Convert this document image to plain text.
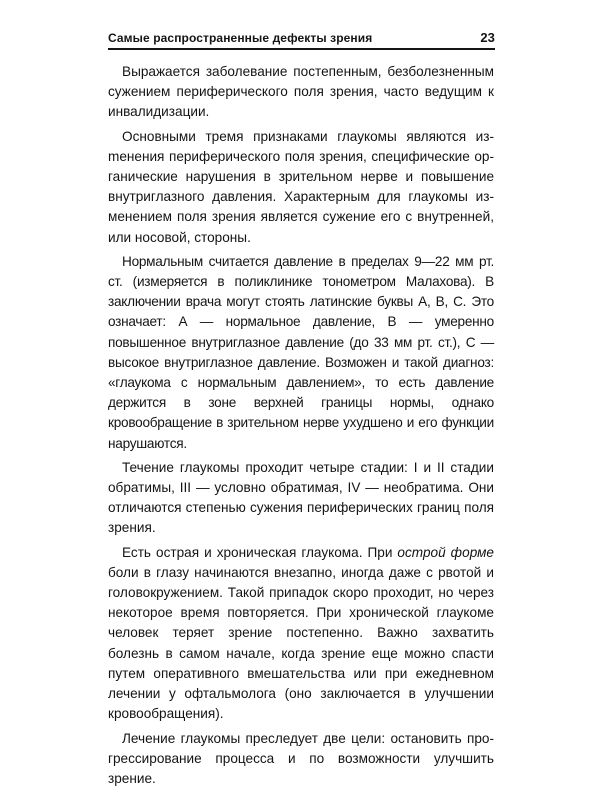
Самые распространенные дефекты зрения	23

Выражается заболевание постепенным, безболезненным сужением периферического поля зрения, часто ведущим к инвалидизации.

Основными тремя признаками глаукомы являются изmенения периферического поля зрения, специфические органические нарушения в зрительном нерве и повышение внутриглазного давления. Характерным для глаукомы изменением поля зрения является сужение его с внутренней, или носовой, стороны.

Нормальным считается давление в пределах 9—22 мм рт. ст. (измеряется в поликлинике тонометром Малахова). В заключении врача могут стоять латинские буквы А, В, С. Это означает: А — нормальное давление, В — умеренно повышенное внутриглазное давление (до 33 мм рт. ст.), С — высокое внутриглазное давление. Возможен и такой диагноз: «глаукома с нормальным давлением», то есть давление держится в зоне верхней границы нормы, однако кровообращение в зрительном нерве ухудшено и его функции нарушаются.

Течение глаукомы проходит четыре стадии: I и II стадии обратимы, III — условно обратимая, IV — необратима. Они отличаются степенью сужения периферических границ поля зрения.

Есть острая и хроническая глаукома. При острой форме боли в глазу начинаются внезапно, иногда даже с рвотой и головокружением. Такой припадок скоро проходит, но через некоторое время повторяется. При хронической глаукоме человек теряет зрение постепенно. Важно захватить болезнь в самом начале, когда зрение еще можно спасти путем оперативного вмешательства или при ежедневном лечении у офтальмолога (оно заключается в улучшении кровообращения).

Лечение глаукомы преследует две цели: остановить прогрессирование процесса и по возможности улучшить зрение.
